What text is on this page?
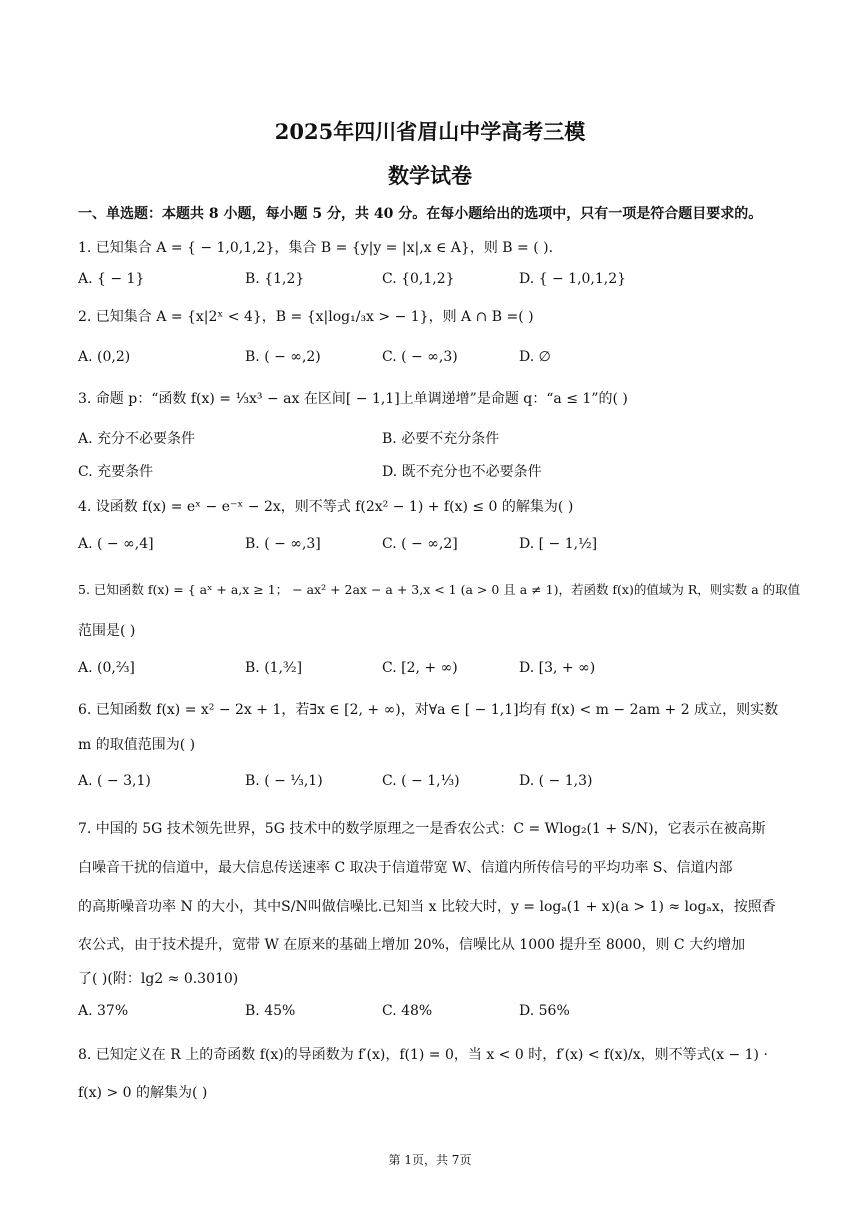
2025年四川省眉山中学高考三模
数学试卷
一、单选题：本题共 8 小题，每小题 5 分，共 40 分。在每小题给出的选项中，只有一项是符合题目要求的。
1. 已知集合 A = { − 1,0,1,2}，集合 B = {y|y = |x|,x ∈ A}，则 B = ( ).
A. { − 1}	B. {1,2}	C. {0,1,2}	D. { − 1,0,1,2}
2. 已知集合 A = {x|2ˣ < 4}，B = {x|log₁/₃x > − 1}，则 A ∩ B =( )
A. (0,2)	B. ( − ∞,2)	C. ( − ∞,3)	D. ∅
3. 命题 p：“函数 f(x) = ⅓x³ − ax 在区间[ − 1,1]上单调递增”是命题 q：“a ≤ 1”的( )
A. 充分不必要条件	B. 必要不充分条件
C. 充要条件	D. 既不充分也不必要条件
4. 设函数 f(x) = eˣ − e⁻ˣ − 2x，则不等式 f(2x² − 1) + f(x) ≤ 0 的解集为( )
A. ( − ∞,4]	B. ( − ∞,3]	C. ( − ∞,2]	D. [ − 1,½]
5. 已知函数 f(x) = { aˣ + a,x ≥ 1； − ax² + 2ax − a + 3,x < 1 (a > 0 且 a ≠ 1)，若函数 f(x)的值域为 R，则实数 a 的取值
范围是( )
A. (0,⅔]	B. (1,³⁄₂]	C. [2, + ∞)	D. [3, + ∞)
6. 已知函数 f(x) = x² − 2x + 1，若∃x ∈ [2, + ∞)，对∀a ∈ [ − 1,1]均有 f(x) < m − 2am + 2 成立，则实数
m 的取值范围为( )
A. ( − 3,1)	B. ( − ⅓,1)	C. ( − 1,⅓)	D. ( − 1,3)
7. 中国的 5G 技术领先世界，5G 技术中的数学原理之一是香农公式：C = Wlog₂(1 + S/N)，它表示在被高斯
白噪音干扰的信道中，最大信息传送速率 C 取决于信道带宽 W、信道内所传信号的平均功率 S、信道内部
的高斯噪音功率 N 的大小，其中S/N叫做信噪比.已知当 x 比较大时，y = logₐ(1 + x)(a > 1) ≈ logₐx，按照香
农公式，由于技术提升，宽带 W 在原来的基础上增加 20%，信噪比从 1000 提升至 8000，则 C 大约增加
了( )(附：lg2 ≈ 0.3010)
A. 37%	B. 45%	C. 48%	D. 56%
8. 已知定义在 R 上的奇函数 f(x)的导函数为 f′(x)，f(1) = 0，当 x < 0 时，f′(x) < f(x)/x，则不等式(x − 1) ·
f(x) > 0 的解集为( )
第 1页，共 7页
